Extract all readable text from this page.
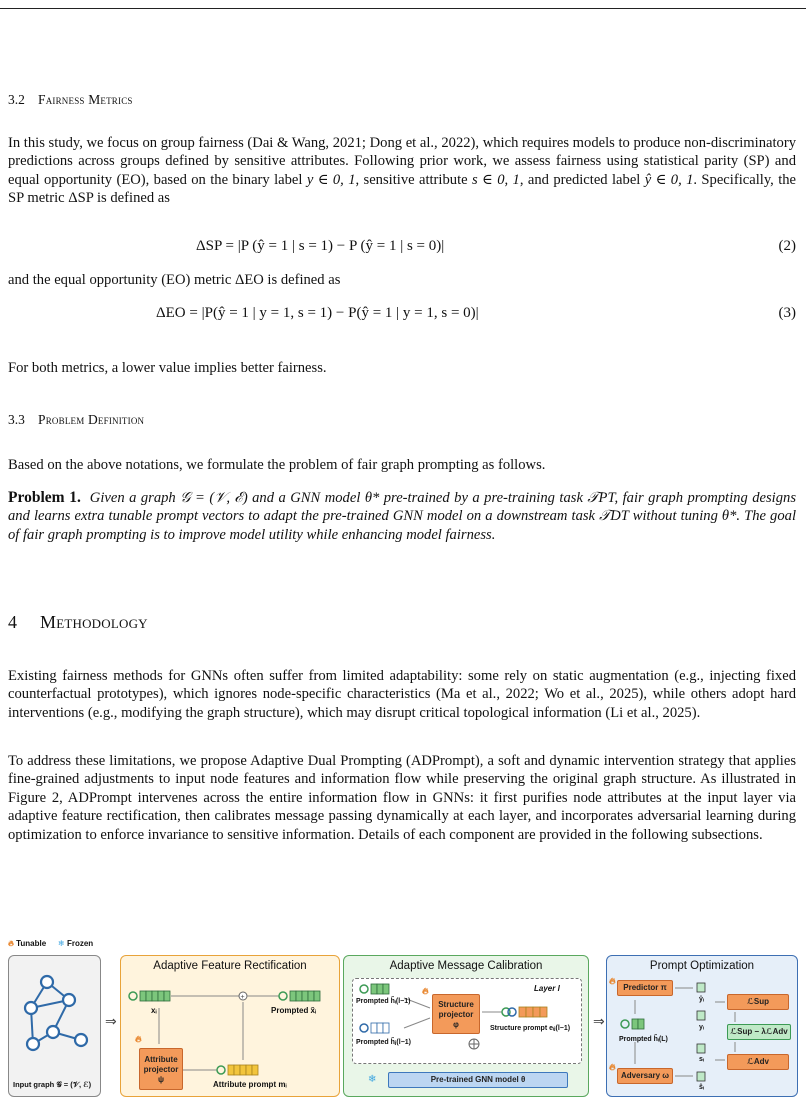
3.2 Fairness Metrics
In this study, we focus on group fairness (Dai & Wang, 2021; Dong et al., 2022), which requires models to produce non-discriminatory predictions across groups defined by sensitive attributes. Following prior work, we assess fairness using statistical parity (SP) and equal opportunity (EO), based on the binary label y ∈ 0, 1, sensitive attribute s ∈ 0, 1, and predicted label ŷ ∈ 0, 1. Specifically, the SP metric ΔSP is defined as
ΔSP = |P (ŷ = 1 | s = 1) − P (ŷ = 1 | s = 0)|	(2)
and the equal opportunity (EO) metric ΔEO is defined as
ΔEO = |P(ŷ = 1 | y = 1, s = 1) − P(ŷ = 1 | y = 1, s = 0)|	(3)
For both metrics, a lower value implies better fairness.
3.3 Problem Definition
Based on the above notations, we formulate the problem of fair graph prompting as follows.
Problem 1. Given a graph 𝒢 = (𝒱, ℰ) and a GNN model θ* pre-trained by a pre-training task 𝒯PT, fair graph prompting designs and learns extra tunable prompt vectors to adapt the pre-trained GNN model on a downstream task 𝒯DT without tuning θ*. The goal of fair graph prompting is to improve model utility while enhancing model fairness.
4 Methodology
Existing fairness methods for GNNs often suffer from limited adaptability: some rely on static augmentation (e.g., injecting fixed counterfactual prototypes), which ignores node-specific characteristics (Ma et al., 2022; Wo et al., 2025), while others adopt hard interventions (e.g., modifying the graph structure), which may disrupt critical topological information (Li et al., 2025).
To address these limitations, we propose Adaptive Dual Prompting (ADPrompt), a soft and dynamic intervention strategy that applies fine-grained adjustments to input node features and information flow while preserving the original graph structure. As illustrated in Figure 2, ADPrompt intervenes across the entire information flow in GNNs: it first purifies node attributes at the input layer via adaptive feature rectification, then calibrates message passing dynamically at each layer, and incorporates adversarial learning during optimization to enforce invariance to sensitive information. Details of each component are provided in the following subsections.
🔥︎ Tunable ❄ Frozen
Input graph 𝒢 = (𝒱, ℰ)
⇒
Adaptive Feature Rectification
+
xᵢ	Prompted x̃ᵢ
🔥︎
Attribute projector
ψ
Attribute prompt mᵢ
Adaptive Message Calibration
Prompted h̃ᵢ(l−1)
Prompted h̃ⱼ(l−1)
🔥︎
Structure projector
φ
Layer l
Structure prompt eᵢⱼ(l−1)
❄	Pre-trained GNN model θ
⇒
Prompt Optimization
🔥︎
Predictor π
🔥︎
Adversary ω
ŷᵢ
yᵢ
Prompted h̃ᵢ(L)
sᵢ
ŝᵢ
ℒSup
ℒSup − λℒAdv
ℒAdv
